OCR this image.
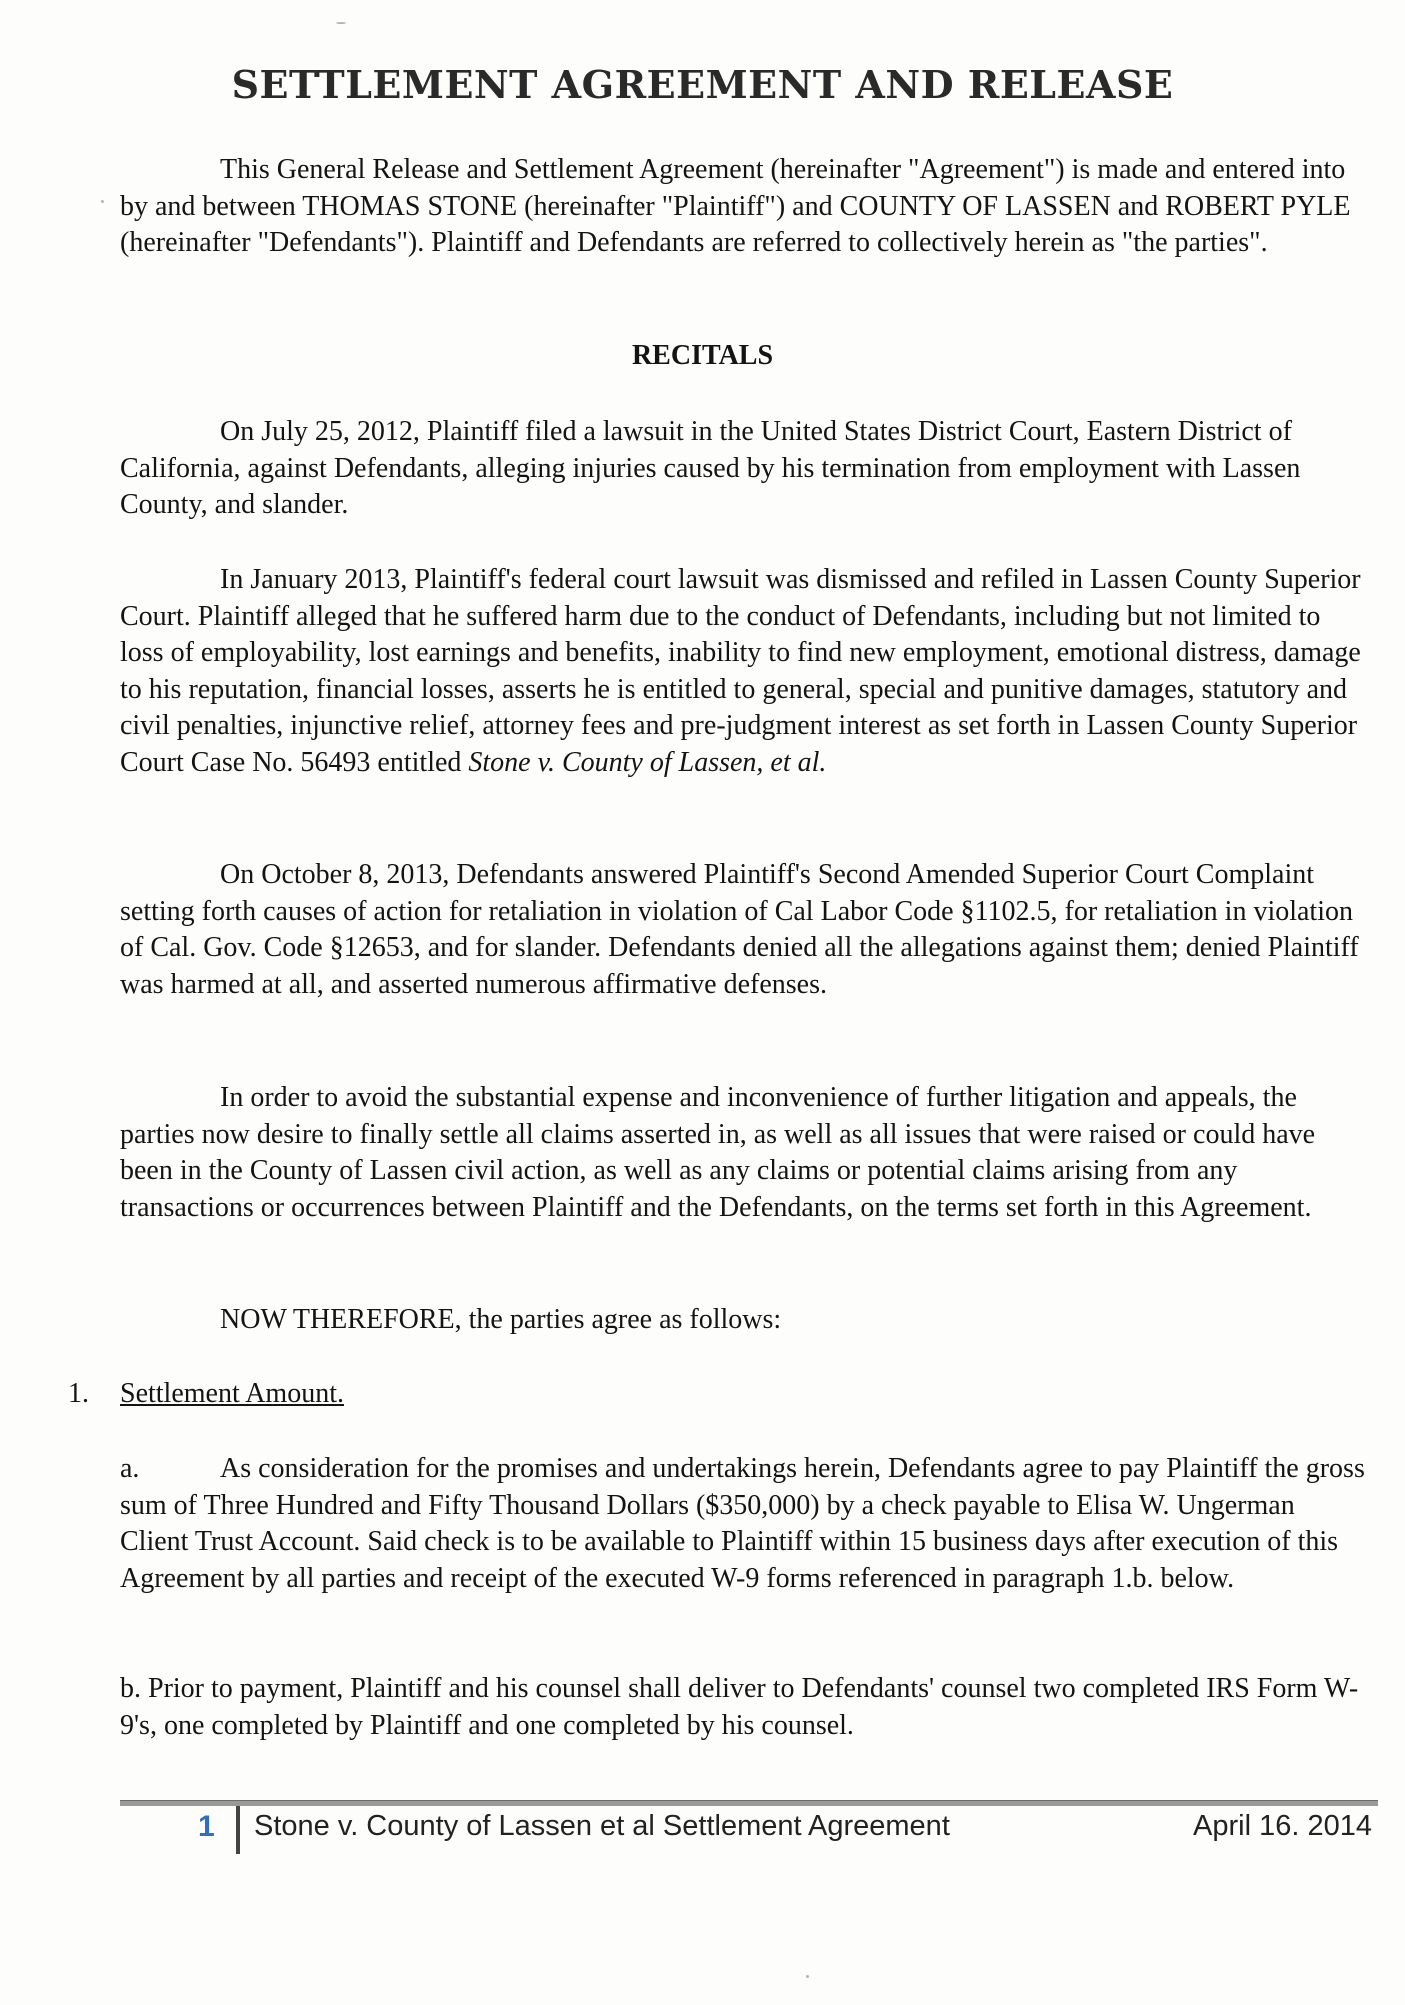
SETTLEMENT AGREEMENT AND RELEASE

This General Release and Settlement Agreement (hereinafter "Agreement") is made and entered into by and between THOMAS STONE (hereinafter "Plaintiff") and COUNTY OF LASSEN and ROBERT PYLE (hereinafter "Defendants"). Plaintiff and Defendants are referred to collectively herein as "the parties".

RECITALS

On July 25, 2012, Plaintiff filed a lawsuit in the United States District Court, Eastern District of California, against Defendants, alleging injuries caused by his termination from employment with Lassen County, and slander.

In January 2013, Plaintiff's federal court lawsuit was dismissed and refiled in Lassen County Superior Court. Plaintiff alleged that he suffered harm due to the conduct of Defendants, including but not limited to loss of employability, lost earnings and benefits, inability to find new employment, emotional distress, damage to his reputation, financial losses, asserts he is entitled to general, special and punitive damages, statutory and civil penalties, injunctive relief, attorney fees and pre-judgment interest as set forth in Lassen County Superior Court Case No. 56493 entitled Stone v. County of Lassen, et al.

On October 8, 2013, Defendants answered Plaintiff's Second Amended Superior Court Complaint setting forth causes of action for retaliation in violation of Cal Labor Code §1102.5, for retaliation in violation of Cal. Gov. Code §12653, and for slander. Defendants denied all the allegations against them; denied Plaintiff was harmed at all, and asserted numerous affirmative defenses.

In order to avoid the substantial expense and inconvenience of further litigation and appeals, the parties now desire to finally settle all claims asserted in, as well as all issues that were raised or could have been in the County of Lassen civil action, as well as any claims or potential claims arising from any transactions or occurrences between Plaintiff and the Defendants, on the terms set forth in this Agreement.

NOW THEREFORE, the parties agree as follows:

1. Settlement Amount.

a.	As consideration for the promises and undertakings herein, Defendants agree to pay Plaintiff the gross sum of Three Hundred and Fifty Thousand Dollars ($350,000) by a check payable to Elisa W. Ungerman Client Trust Account. Said check is to be available to Plaintiff within 15 business days after execution of this Agreement by all parties and receipt of the executed W-9 forms referenced in paragraph 1.b. below.

b. Prior to payment, Plaintiff and his counsel shall deliver to Defendants' counsel two completed IRS Form W-9's, one completed by Plaintiff and one completed by his counsel.

1 Stone v. County of Lassen et al Settlement Agreement	April 16. 2014
